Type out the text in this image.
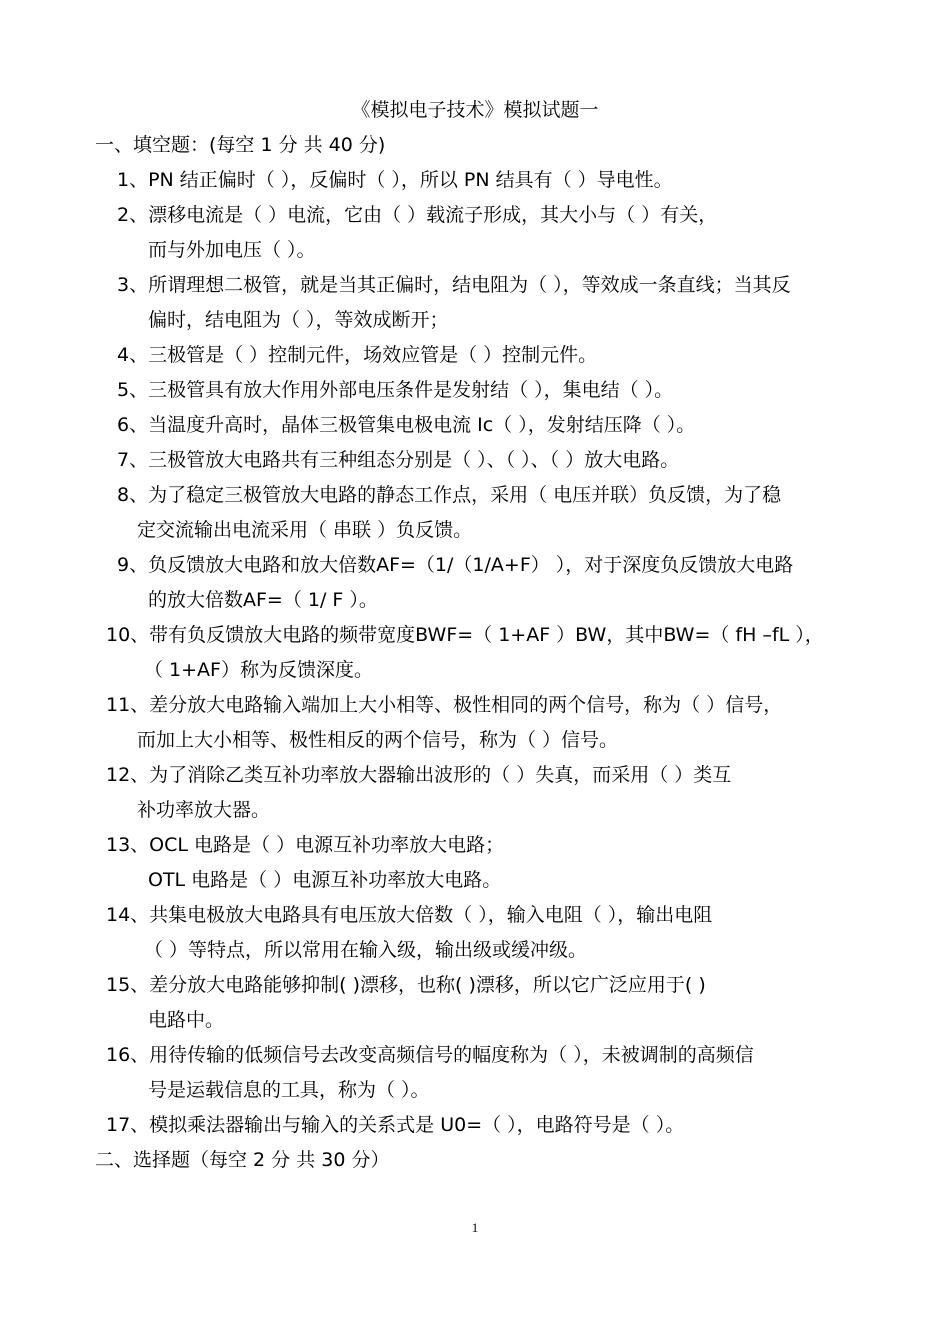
《模拟电子技术》模拟试题一
一、填空题：(每空 1 分 共 40 分)
1、PN 结正偏时（ ），反偏时（ ），所以 PN 结具有（ ）导电性。
2、漂移电流是（ ）电流，它由（ ）载流子形成，其大小与（ ）有关，
而与外加电压（ ）。
3、所谓理想二极管，就是当其正偏时，结电阻为（ ），等效成一条直线；当其反
偏时，结电阻为（ ），等效成断开；
4、三极管是（ ）控制元件，场效应管是（ ）控制元件。
5、三极管具有放大作用外部电压条件是发射结（ ），集电结（ ）。
6、当温度升高时，晶体三极管集电极电流 Ic（ ），发射结压降（ ）。
7、三极管放大电路共有三种组态分别是（ ）、（ ）、（ ）放大电路。
8、为了稳定三极管放大电路的静态工作点，采用（ 电压并联）负反馈，为了稳
定交流输出电流采用（ 串联 ）负反馈。
9、负反馈放大电路和放大倍数AF=（1/（1/A+F） ），对于深度负反馈放大电路
的放大倍数AF=（ 1/ F ）。
10、带有负反馈放大电路的频带宽度BWF=（ 1+AF ）BW，其中BW=（ fH –fL ），
（ 1+AF）称为反馈深度。
11、差分放大电路输入端加上大小相等、极性相同的两个信号，称为（ ）信号，
而加上大小相等、极性相反的两个信号，称为（ ）信号。
12、为了消除乙类互补功率放大器输出波形的（ ）失真，而采用（ ）类互
补功率放大器。
13、OCL 电路是（ ）电源互补功率放大电路；
OTL 电路是（ ）电源互补功率放大电路。
14、共集电极放大电路具有电压放大倍数（ ），输入电阻（ ），输出电阻
（ ）等特点，所以常用在输入级，输出级或缓冲级。
15、差分放大电路能够抑制( )漂移，也称( )漂移，所以它广泛应用于( )
电路中。
16、用待传输的低频信号去改变高频信号的幅度称为（ ），未被调制的高频信
号是运载信息的工具，称为（ ）。
17、模拟乘法器输出与输入的关系式是 U0=（ ），电路符号是（ ）。
二、选择题（每空 2 分 共 30 分）
1
